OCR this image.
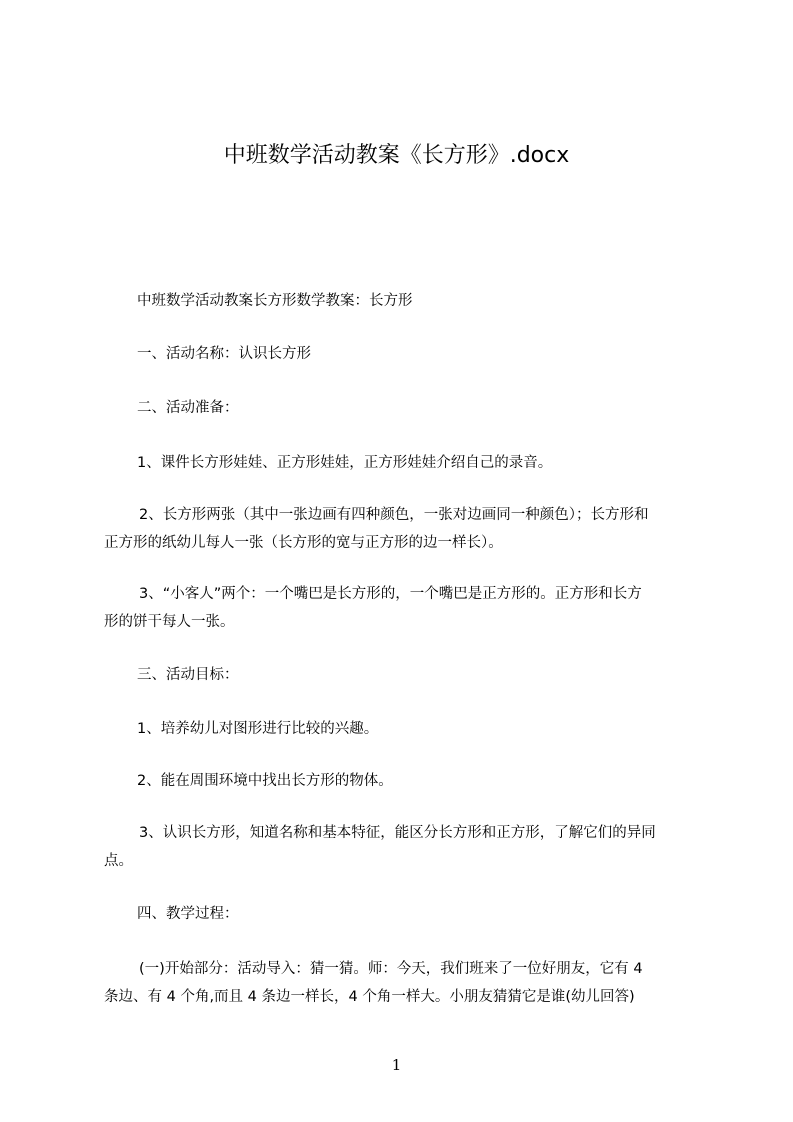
中班数学活动教案《长方形》.docx

中班数学活动教案长方形数学教案：长方形

一、活动名称：认识长方形

二、活动准备：

1、课件长方形娃娃、正方形娃娃，正方形娃娃介绍自己的录音。

2、长方形两张（其中一张边画有四种颜色，一张对边画同一种颜色）；长方形和
正方形的纸幼儿每人一张（长方形的宽与正方形的边一样长）。

3、“小客人”两个：一个嘴巴是长方形的，一个嘴巴是正方形的。正方形和长方
形的饼干每人一张。

三、活动目标：

1、培养幼儿对图形进行比较的兴趣。

2、能在周围环境中找出长方形的物体。

3、认识长方形，知道名称和基本特征，能区分长方形和正方形，了解它们的异同
点。

四、教学过程：

(一)开始部分：活动导入：猜一猜。师：今天，我们班来了一位好朋友，它有 4
条边、有 4 个角,而且 4 条边一样长，4 个角一样大。小朋友猜猜它是谁(幼儿回答)

1
